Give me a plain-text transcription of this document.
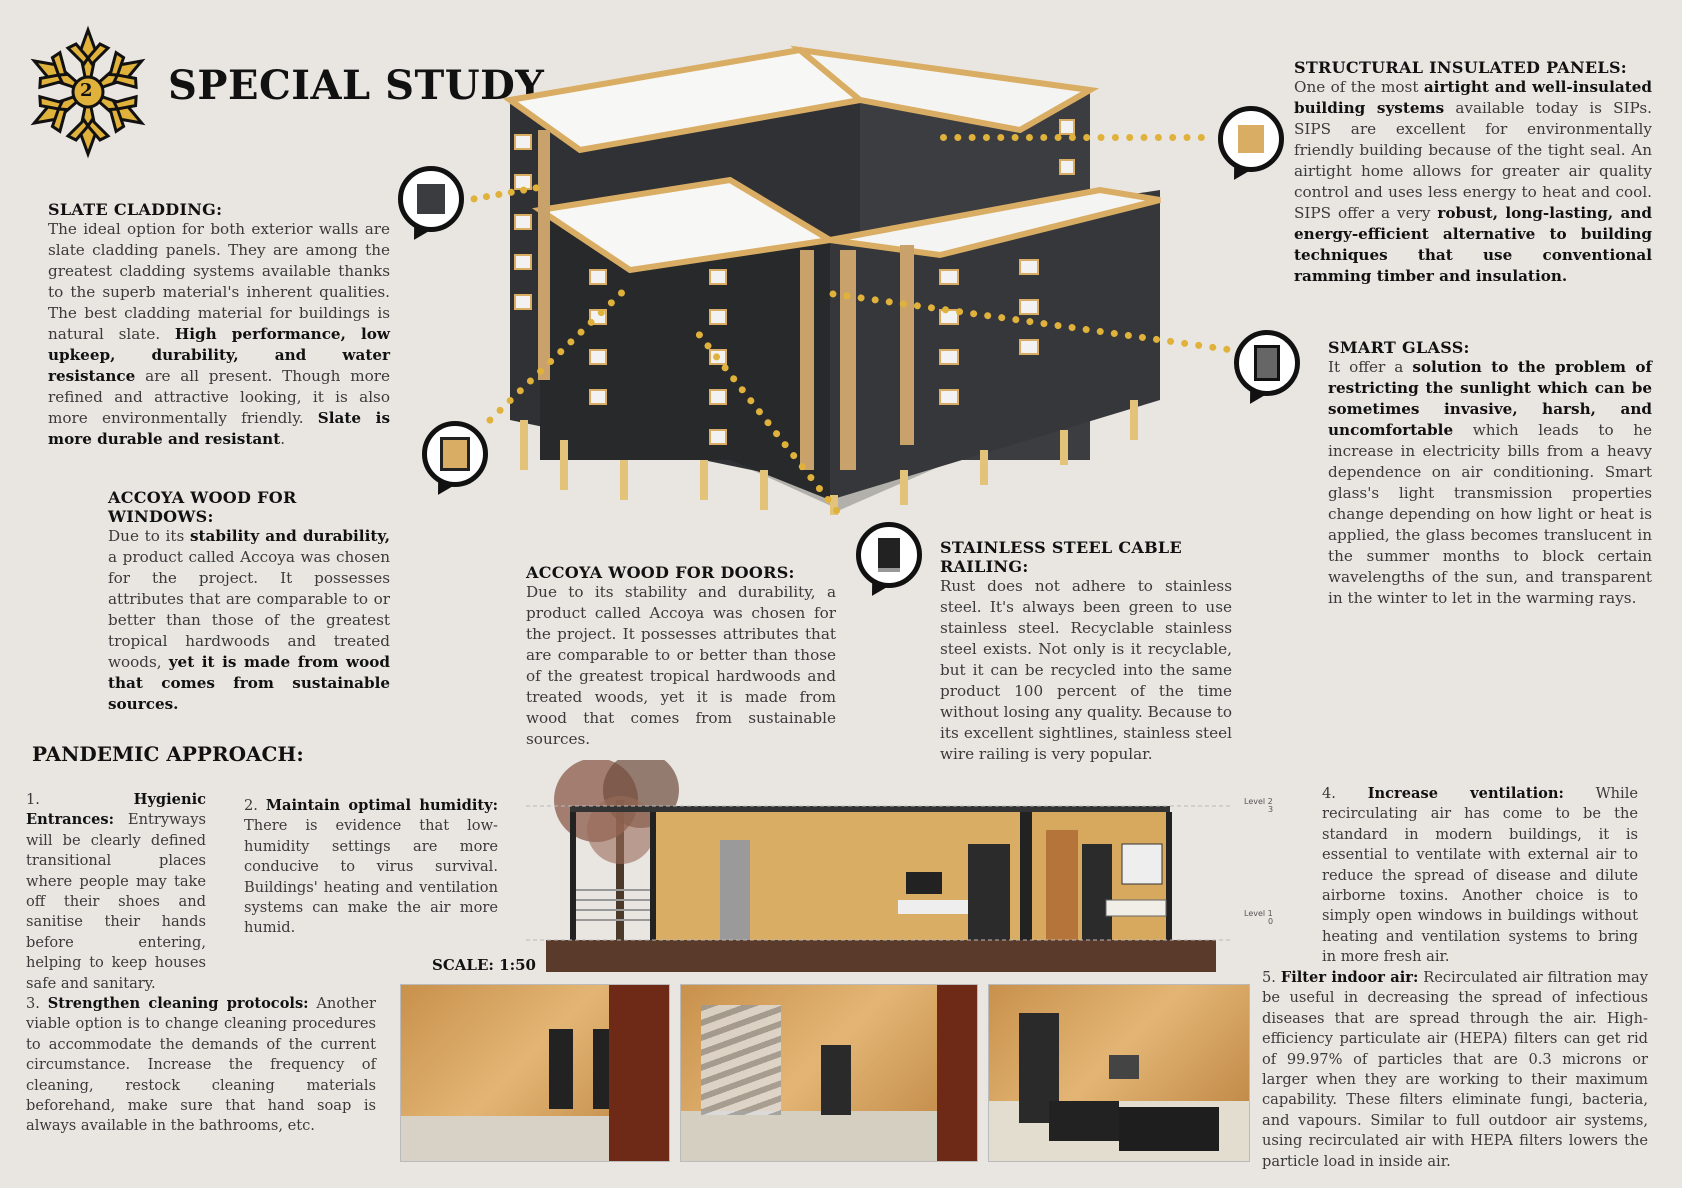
2 SPECIAL STUDY
SLATE CLADDING:
The ideal option for both exterior walls are slate cladding panels. They are among the greatest cladding systems available thanks to the superb material's inherent qualities. The best cladding material for buildings is natural slate. High performance, low upkeep, durability, and water resistance are all present. Though more refined and attractive looking, it is also more environmentally friendly. Slate is more durable and resistant.
ACCOYA WOOD FOR WINDOWS:
Due to its stability and durability, a product called Accoya was chosen for the project. It possesses attributes that are comparable to or better than those of the greatest tropical hardwoods and treated woods, yet it is made from wood that comes from sustainable sources.
ACCOYA WOOD FOR DOORS:
Due to its stability and durability, a product called Accoya was chosen for the project. It possesses attributes that are comparable to or better than those of the greatest tropical hardwoods and treated woods, yet it is made from wood that comes from sustainable sources.
STAINLESS STEEL CABLE RAILING:
Rust does not adhere to stainless steel. It's always been green to use stainless steel. Recyclable stainless steel exists. Not only is it recyclable, but it can be recycled into the same product 100 percent of the time without losing any quality. Because to its excellent sightlines, stainless steel wire railing is very popular.
STRUCTURAL INSULATED PANELS:
One of the most airtight and well-insulated building systems available today is SIPs. SIPS are excellent for environmentally friendly building because of the tight seal. An airtight home allows for greater air quality control and uses less energy to heat and cool. SIPS offer a very robust, long-lasting, and energy-efficient alternative to building techniques that use conventional ramming timber and insulation.
SMART GLASS:
It offer a solution to the problem of restricting the sunlight which can be sometimes invasive, harsh, and uncomfortable which leads to he increase in electricity bills from a heavy dependence on air conditioning. Smart glass's light transmission properties change depending on how light or heat is applied, the glass becomes translucent in the summer months to block certain wavelengths of the sun, and transparent in the winter to let in the warming rays.
PANDEMIC APPROACH:
1.	Hygienic Entrances: Entryways will be clearly defined transitional places where people may take off their shoes and sanitise their hands before entering, helping to keep houses safe and sanitary.
2. Maintain optimal humidity: There is evidence that low-humidity settings are more conducive to virus survival. Buildings' heating and ventilation systems can make the air more humid.
3. Strengthen cleaning protocols: Another viable option is to change cleaning procedures to accommodate the demands of the current circumstance. Increase the frequency of cleaning, restock cleaning materials beforehand, make sure that hand soap is always available in the bathrooms, etc.
4. Increase ventilation: While recirculating air has come to be the standard in modern buildings, it is essential to ventilate with external air to reduce the spread of disease and dilute airborne toxins. Another choice is to simply open windows in buildings without heating and ventilation systems to bring in more fresh air.
5. Filter indoor air: Recirculated air filtration may be useful in decreasing the spread of infectious diseases that are spread through the air. High-efficiency particulate air (HEPA) filters can get rid of 99.97% of particles that are 0.3 microns or larger when they are working to their maximum capability. These filters eliminate fungi, bacteria, and vapours. Similar to full outdoor air systems, using recirculated air with HEPA filters lowers the particle load in inside air.
Level 2
3
Level 1
0
SCALE: 1:50
